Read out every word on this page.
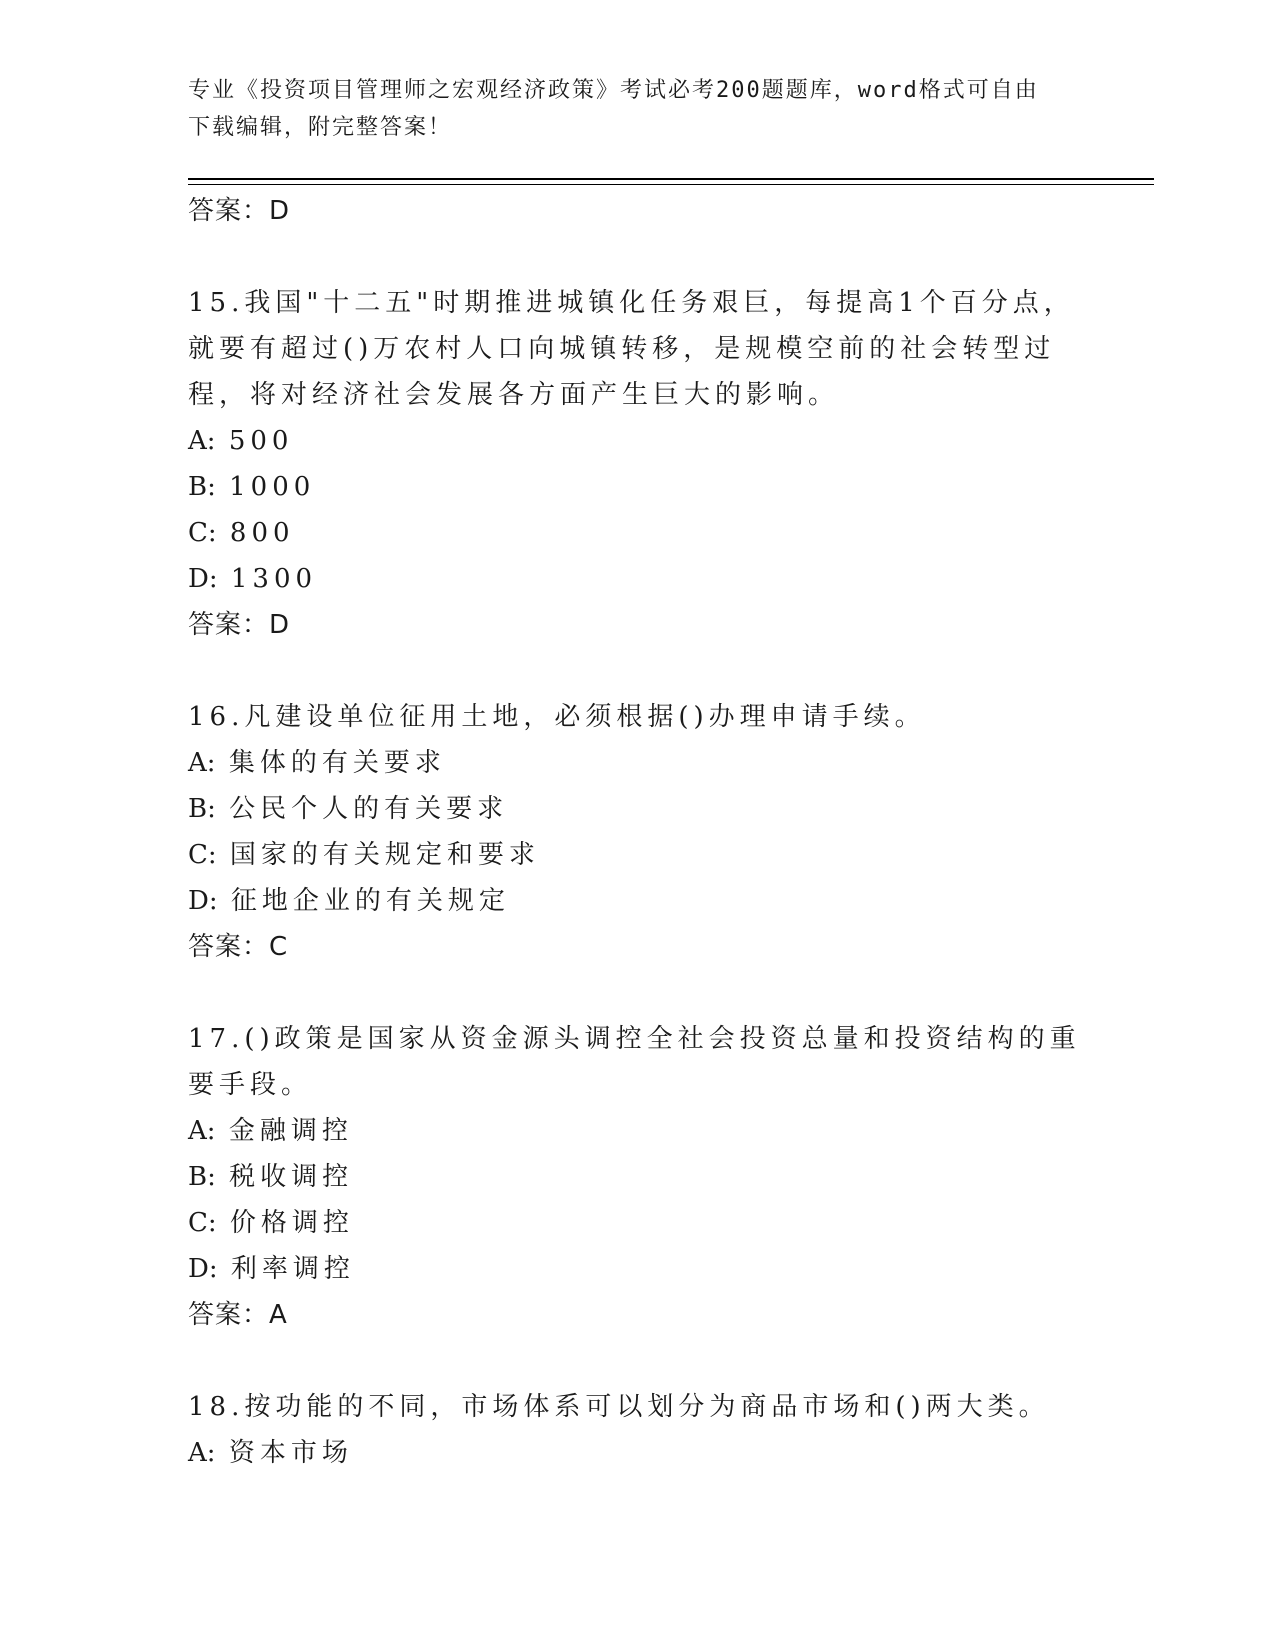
专业《投资项目管理师之宏观经济政策》考试必考200题题库，word格式可自由
下载编辑，附完整答案！
答案：D
15.我国"十二五"时期推进城镇化任务艰巨，每提高1个百分点，就要有超过()万农村人口向城镇转移，是规模空前的社会转型过程，将对经济社会发展各方面产生巨大的影响。
A: 500
B: 1000
C: 800
D: 1300
答案：D
16.凡建设单位征用土地，必须根据()办理申请手续。
A: 集体的有关要求
B: 公民个人的有关要求
C: 国家的有关规定和要求
D: 征地企业的有关规定
答案：C
17.()政策是国家从资金源头调控全社会投资总量和投资结构的重要手段。
A: 金融调控
B: 税收调控
C: 价格调控
D: 利率调控
答案：A
18.按功能的不同，市场体系可以划分为商品市场和()两大类。
A: 资本市场
